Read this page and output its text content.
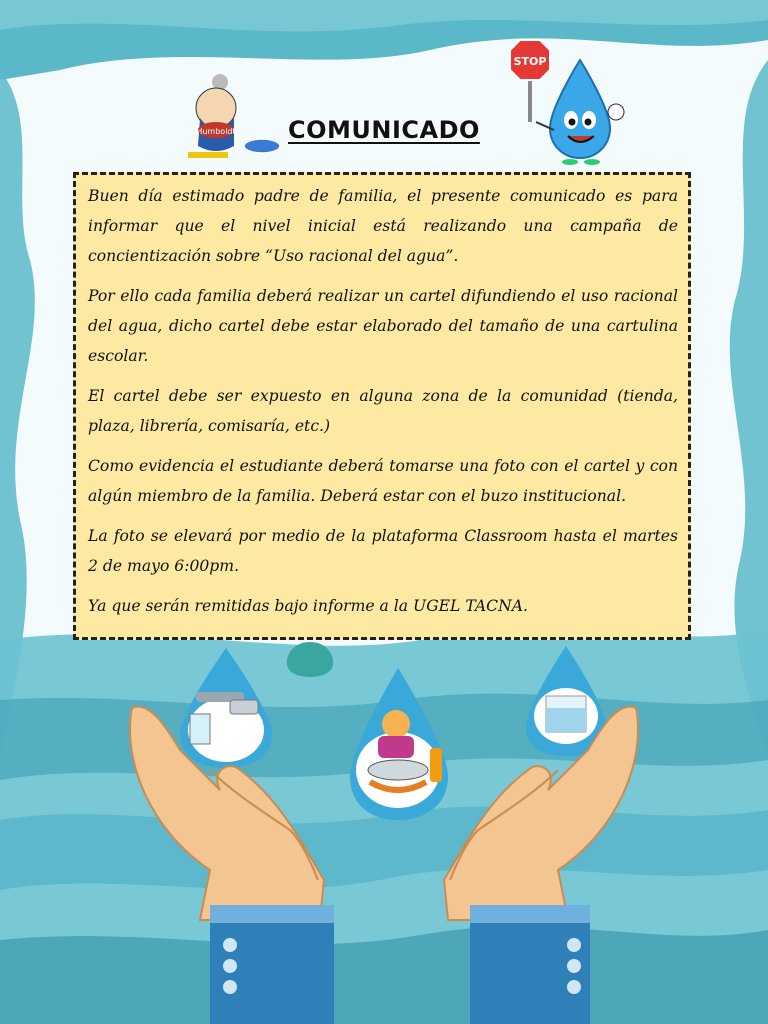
Humboldt COMUNICADO
STOP

Buen día estimado padre de familia, el presente comunicado es para informar que el nivel inicial está realizando una campaña de concientización sobre “Uso racional del agua”.

Por ello cada familia deberá realizar un cartel difundiendo el uso racional del agua, dicho cartel debe estar elaborado del tamaño de una cartulina escolar.

El cartel debe ser expuesto en alguna zona de la comunidad (tienda, plaza, librería, comisaría, etc.)

Como evidencia el estudiante deberá tomarse una foto con el cartel y con algún miembro de la familia. Deberá estar con el buzo institucional.

La foto se elevará por medio de la plataforma Classroom hasta el martes 2 de mayo 6:00pm.

Ya que serán remitidas bajo informe a la UGEL TACNA.
